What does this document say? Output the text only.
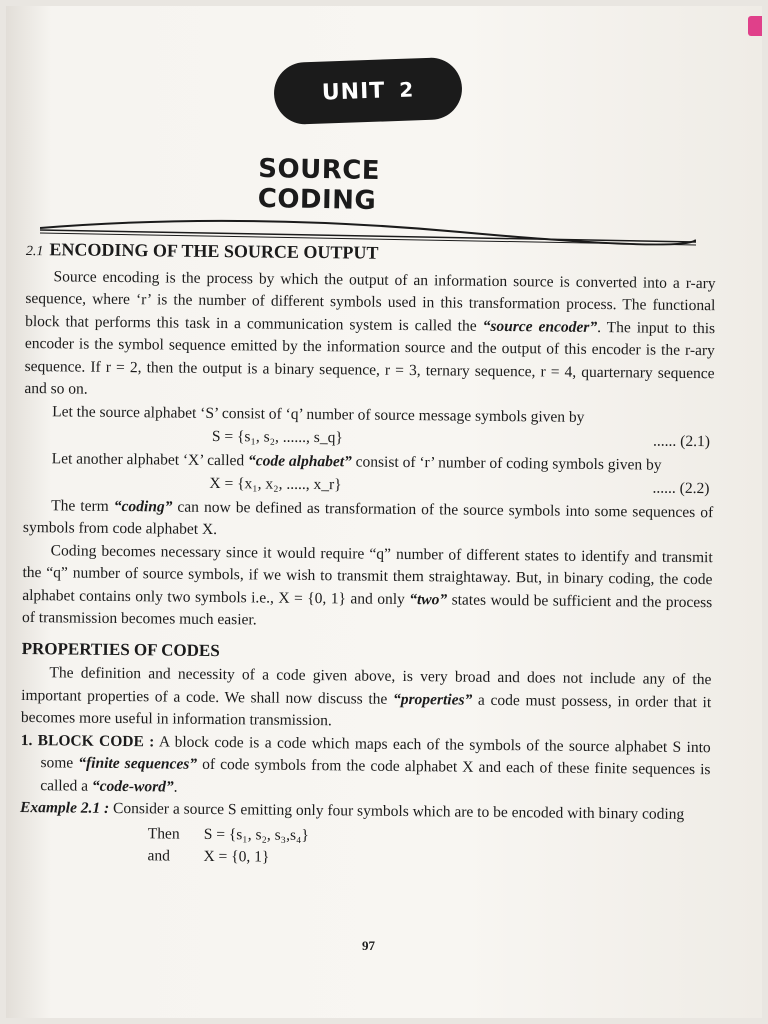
UNIT 2
SOURCE CODING
2.1 ENCODING OF THE SOURCE OUTPUT

Source encoding is the process by which the output of an information source is converted into a r-ary sequence, where ‘r’ is the number of different symbols used in this transformation process. The functional block that performs this task in a communication system is called the “source encoder”. The input to this encoder is the symbol sequence emitted by the information source and the output of this encoder is the r-ary sequence. If r = 2, then the output is a binary sequence, r = 3, ternary sequence, r = 4, quarternary sequence and so on.

Let the source alphabet ‘S’ consist of ‘q’ number of source message symbols given by

S = {s₁, s₂, ......, s_q}	...... (2.1)

Let another alphabet ‘X’ called “code alphabet” consist of ‘r’ number of coding symbols given by

X = {x₁, x₂, ....., x_r}	...... (2.2)

The term “coding” can now be defined as transformation of the source symbols into some sequences of symbols from code alphabet X.

Coding becomes necessary since it would require “q” number of different states to identify and transmit the “q” number of source symbols, if we wish to transmit them straightaway. But, in binary coding, the code alphabet contains only two symbols i.e., X = {0, 1} and only “two” states would be sufficient and the process of transmission becomes much easier.

PROPERTIES OF CODES

The definition and necessity of a code given above, is very broad and does not include any of the important properties of a code. We shall now discuss the “properties” a code must possess, in order that it becomes more useful in information transmission.

1. BLOCK CODE : A block code is a code which maps each of the symbols of the source alphabet S into some “finite sequences” of code symbols from the code alphabet X and each of these finite sequences is called a “code-word”.

Example 2.1 : Consider a source S emitting only four symbols which are to be encoded with binary coding

Then	S = {s₁, s₂, s₃,s₄}
and	X = {0, 1}
97
